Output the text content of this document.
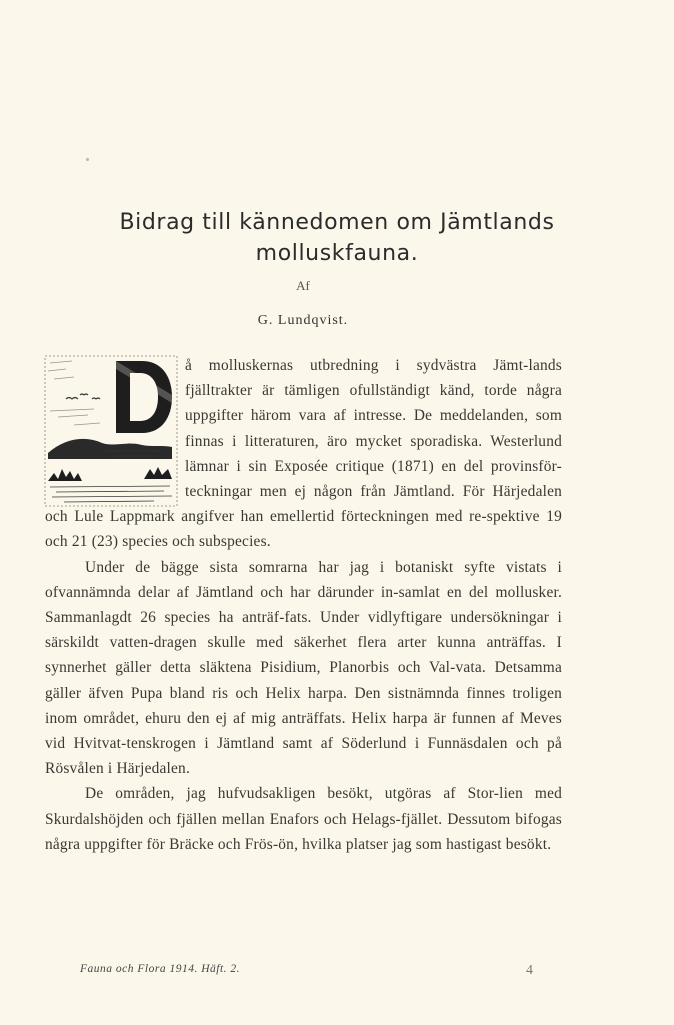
Bidrag till kännedomen om Jämtlands
molluskfauna.
Af
G. Lundqvist.

å molluskernas utbredning i sydvästra Jämt-lands fjälltrakter är tämligen ofullständigt känd, torde några uppgifter härom vara af intresse. De meddelanden, som finnas i litteraturen, äro mycket sporadiska. Westerlund lämnar i sin Exposée critique (1871) en del provinsför-teckningar men ej någon från Jämtland. För Härjedalen och Lule Lappmark angifver han emellertid förteckningen med re-spektive 19 och 21 (23) species och subspecies.

Under de bägge sista somrarna har jag i botaniskt syfte vistats i ofvannämnda delar af Jämtland och har därunder in-samlat en del mollusker. Sammanlagdt 26 species ha anträf-fats. Under vidlyftigare undersökningar i särskildt vatten-dragen skulle med säkerhet flera arter kunna anträffas. I synnerhet gäller detta släktena Pisidium, Planorbis och Val-vata. Detsamma gäller äfven Pupa bland ris och Helix harpa. Den sistnämnda finnes troligen inom området, ehuru den ej af mig anträffats. Helix harpa är funnen af Meves vid Hvitvat-tenskrogen i Jämtland samt af Söderlund i Funnäsdalen och på Rösvålen i Härjedalen.

De områden, jag hufvudsakligen besökt, utgöras af Stor-lien med Skurdalshöjden och fjällen mellan Enafors och Helags-fjället. Dessutom bifogas några uppgifter för Bräcke och Frös-ön, hvilka platser jag som hastigast besökt.

Fauna och Flora 1914. Häft. 2.	4
